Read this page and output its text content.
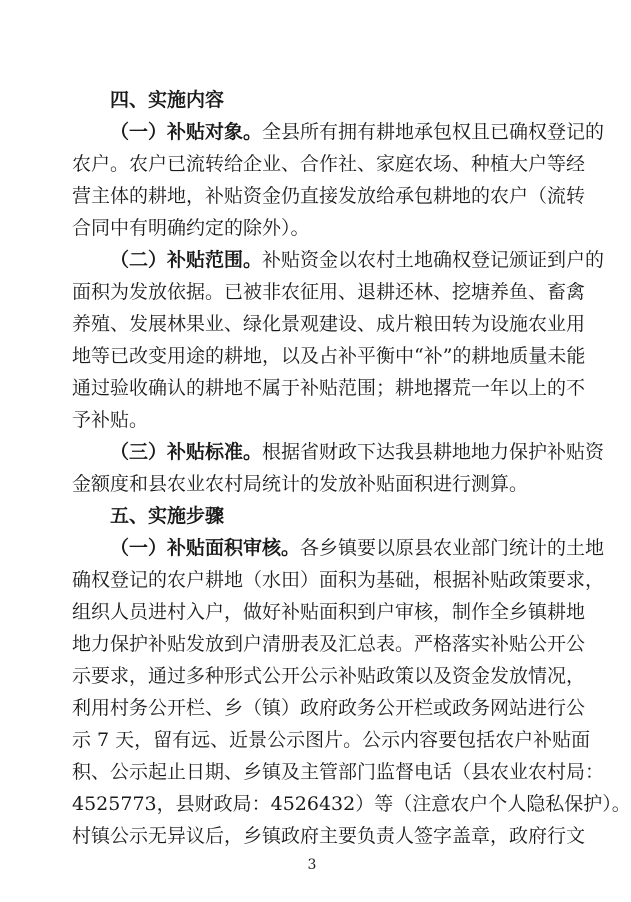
四、实施内容
（一）补贴对象。全县所有拥有耕地承包权且已确权登记的
农户。农户已流转给企业、合作社、家庭农场、种植大户等经
营主体的耕地，补贴资金仍直接发放给承包耕地的农户（流转
合同中有明确约定的除外）。
（二）补贴范围。补贴资金以农村土地确权登记颁证到户的
面积为发放依据。已被非农征用、退耕还林、挖塘养鱼、畜禽
养殖、发展林果业、绿化景观建设、成片粮田转为设施农业用
地等已改变用途的耕地，以及占补平衡中“补”的耕地质量未能
通过验收确认的耕地不属于补贴范围；耕地撂荒一年以上的不
予补贴。
（三）补贴标准。根据省财政下达我县耕地地力保护补贴资
金额度和县农业农村局统计的发放补贴面积进行测算。
五、实施步骤
（一）补贴面积审核。各乡镇要以原县农业部门统计的土地
确权登记的农户耕地（水田）面积为基础，根据补贴政策要求，
组织人员进村入户，做好补贴面积到户审核，制作全乡镇耕地
地力保护补贴发放到户清册表及汇总表。严格落实补贴公开公
示要求，通过多种形式公开公示补贴政策以及资金发放情况，
利用村务公开栏、乡（镇）政府政务公开栏或政务网站进行公
示 7 天，留有远、近景公示图片。公示内容要包括农户补贴面
积、公示起止日期、乡镇及主管部门监督电话（县农业农村局：
4525773，县财政局：4526432）等（注意农户个人隐私保护）。
村镇公示无异议后，乡镇政府主要负责人签字盖章，政府行文
3
